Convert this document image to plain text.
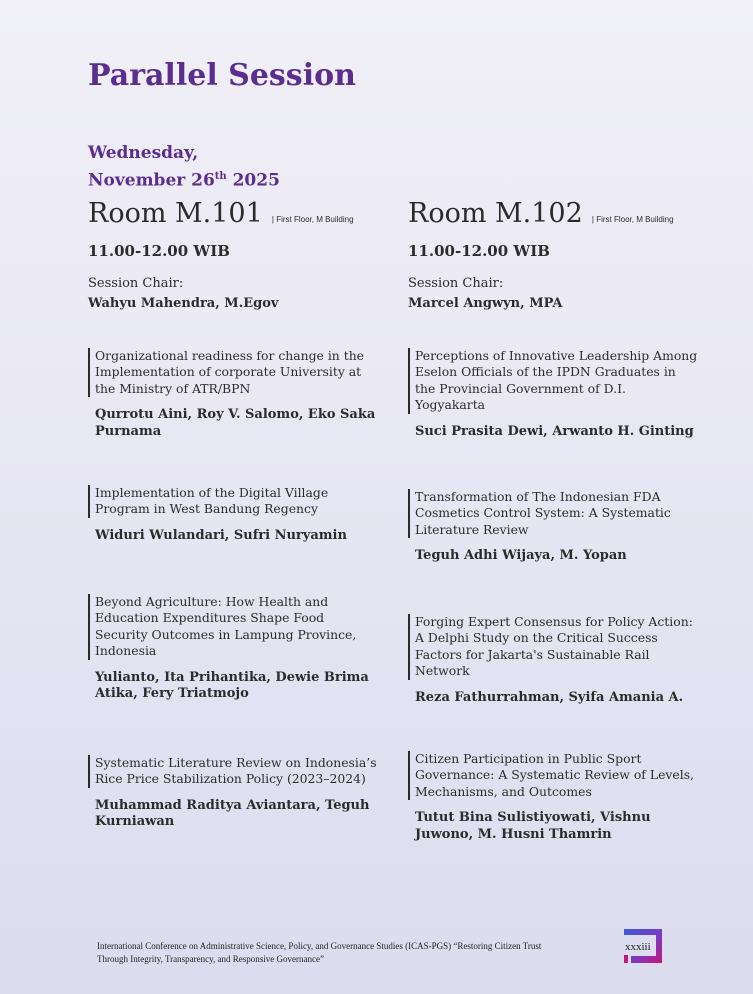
Parallel Session
Wednesday,
November 26th 2025
Room M.101 | First Floor, M Building
11.00-12.00 WIB
Session Chair:
Wahyu Mahendra, M.Egov
Organizational readiness for change in the Implementation of corporate University at the Ministry of ATR/BPN
Qurrotu Aini, Roy V. Salomo, Eko Saka Purnama
Implementation of the Digital Village Program in West Bandung Regency
Widuri Wulandari, Sufri Nuryamin
Beyond Agriculture: How Health and Education Expenditures Shape Food Security Outcomes in Lampung Province, Indonesia
Yulianto, Ita Prihantika, Dewie Brima Atika, Fery Triatmojo
Systematic Literature Review on Indonesia’s Rice Price Stabilization Policy (2023–2024)
Muhammad Raditya Aviantara, Teguh Kurniawan
Room M.102 | First Floor, M Building
11.00-12.00 WIB
Session Chair:
Marcel Angwyn, MPA
Perceptions of Innovative Leadership Among Eselon Officials of the IPDN Graduates in the Provincial Government of D.I. Yogyakarta
Suci Prasita Dewi, Arwanto H. Ginting
Transformation of The Indonesian FDA Cosmetics Control System: A Systematic Literature Review
Teguh Adhi Wijaya, M. Yopan
Forging Expert Consensus for Policy Action: A Delphi Study on the Critical Success Factors for Jakarta's Sustainable Rail Network
Reza Fathurrahman, Syifa Amania A.
Citizen Participation in Public Sport Governance: A Systematic Review of Levels, Mechanisms, and Outcomes
Tutut Bina Sulistiyowati, Vishnu Juwono, M. Husni Thamrin
International Conference on Administrative Science, Policy, and Governance Studies (ICAS-PGS) “Restoring Citizen Trust
Through Integrity, Transparency, and Responsive Governance”
xxxiii
